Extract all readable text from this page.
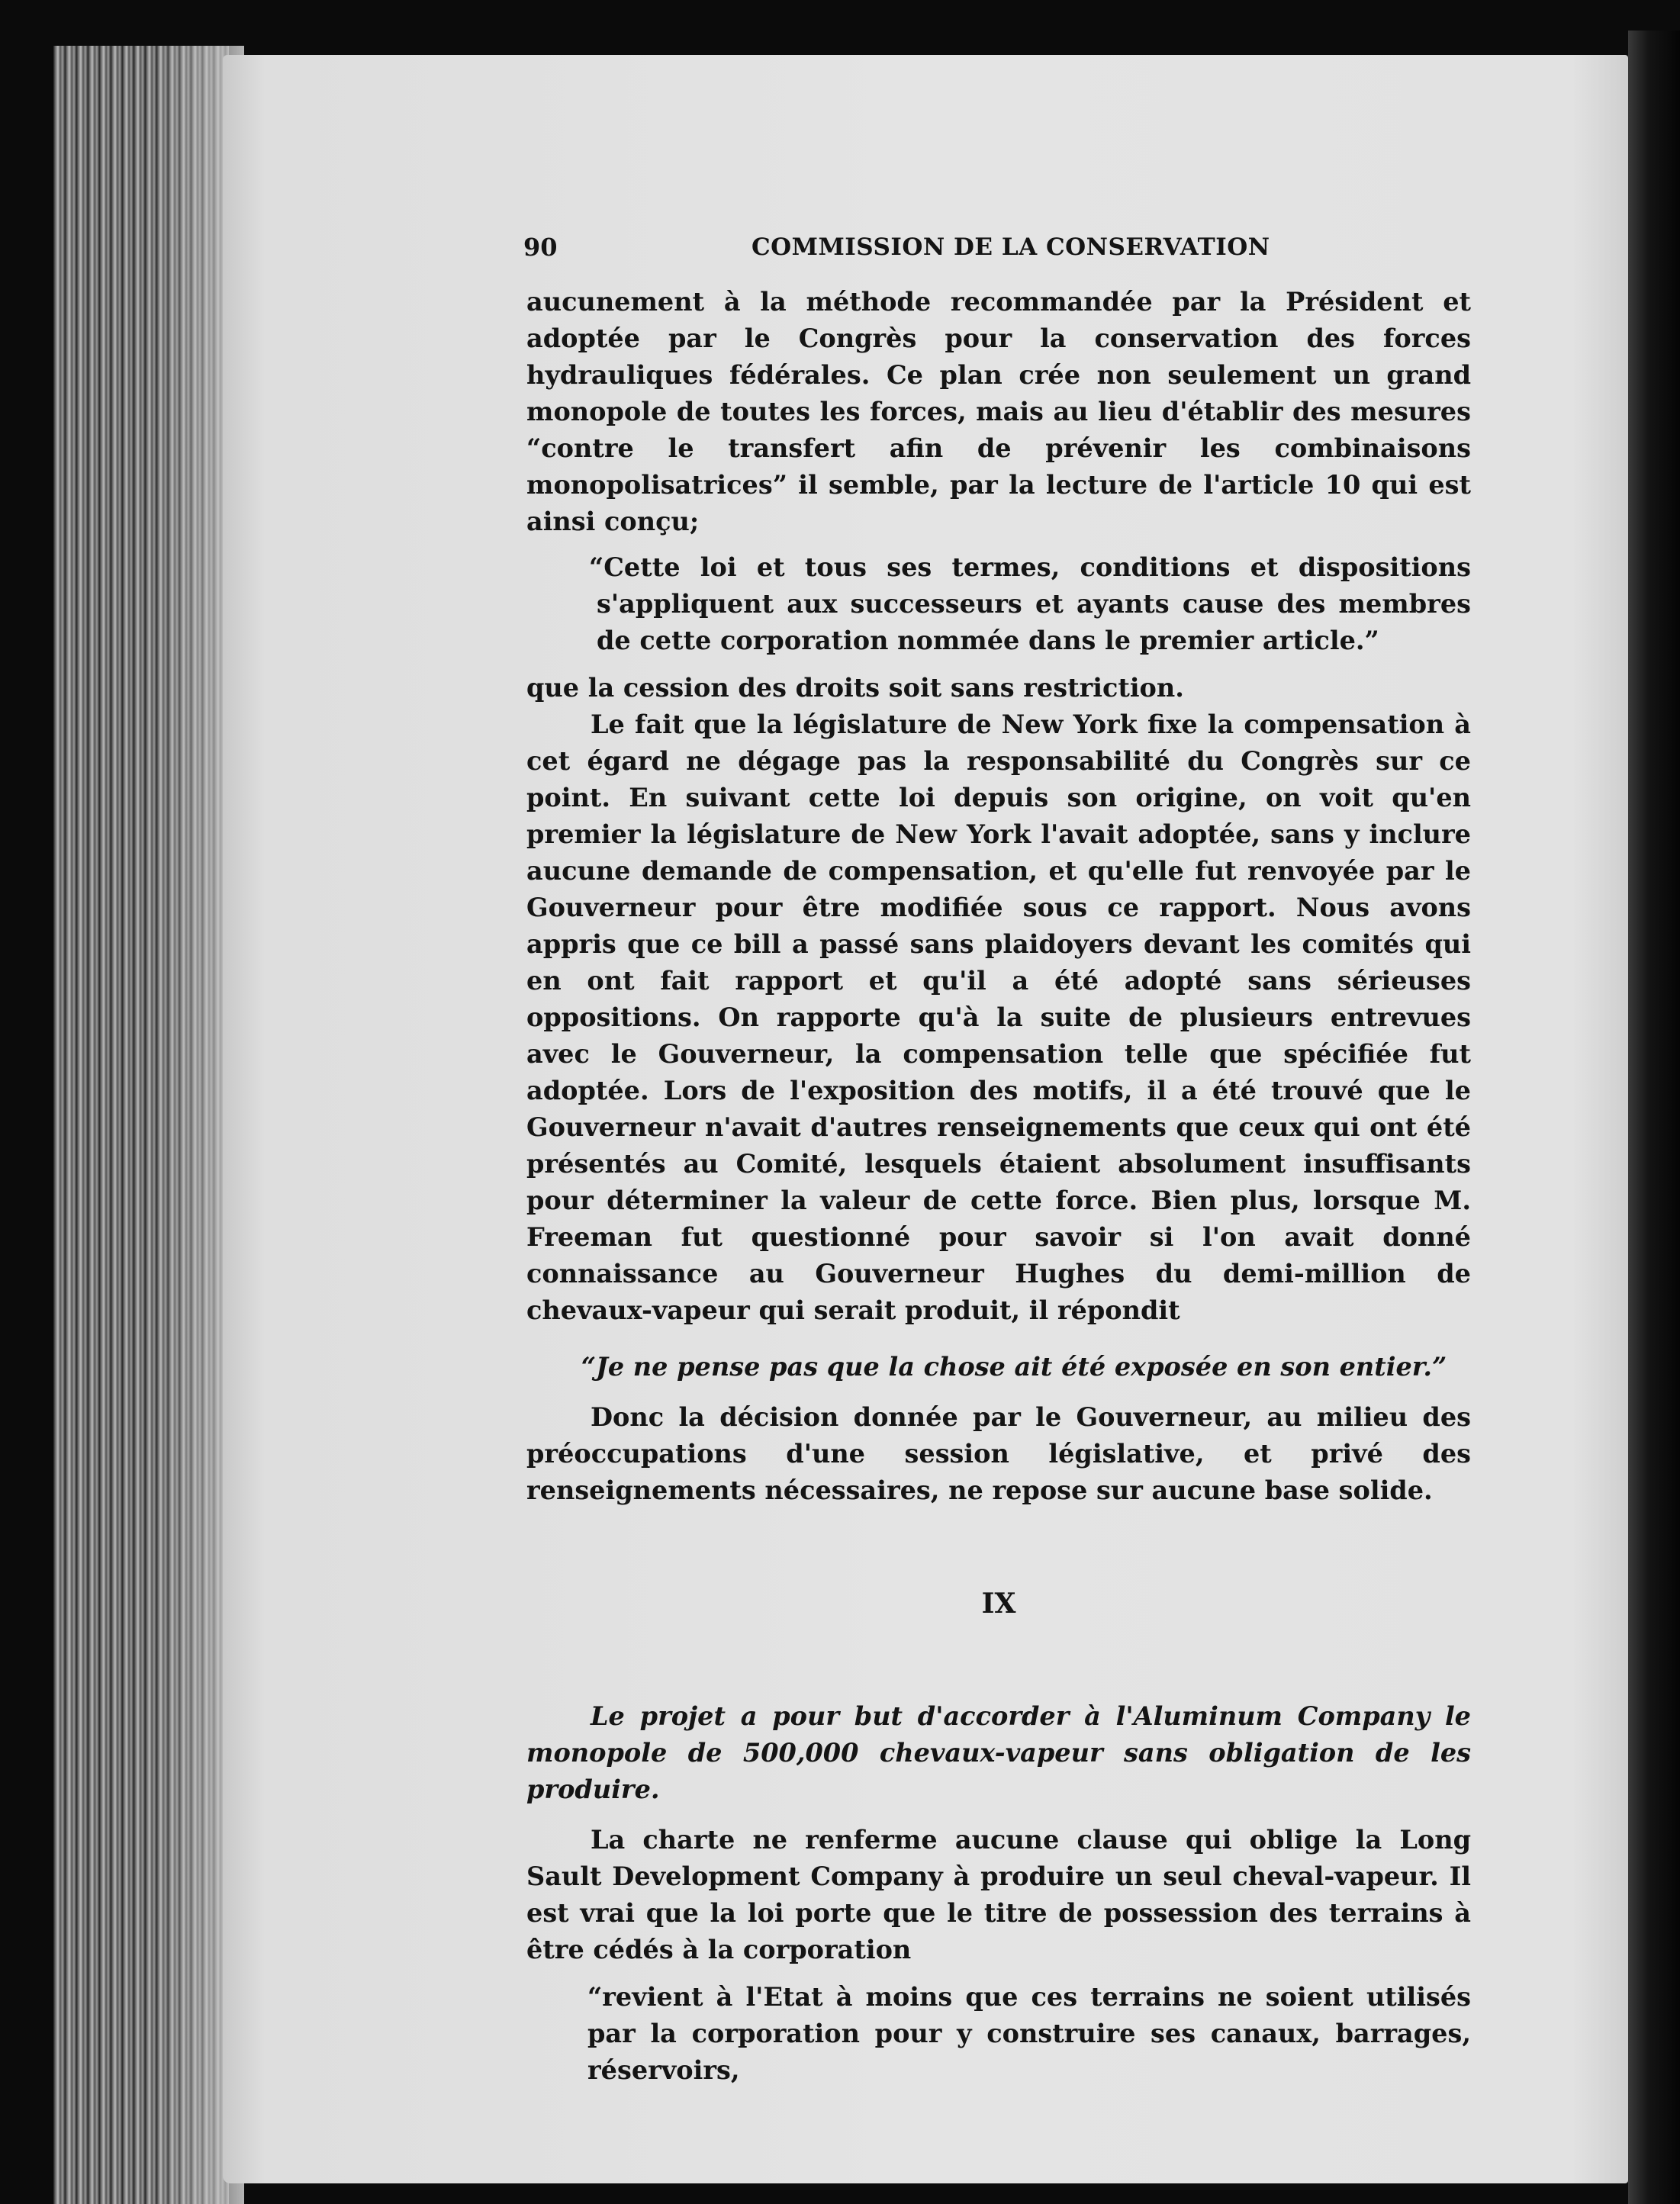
90	COMMISSION DE LA CONSERVATION

aucunement à la méthode recommandée par la Président et adoptée par le Congrès pour la conservation des forces hydrauliques fédérales. Ce plan crée non seulement un grand monopole de toutes les forces, mais au lieu d'établir des mesures “contre le transfert afin de prévenir les combinaisons monopolisatrices” il semble, par la lecture de l'article 10 qui est ainsi conçu;

“Cette loi et tous ses termes, conditions et dispositions s'appliquent aux successeurs et ayants cause des membres de cette corporation nommée dans le premier article.”

que la cession des droits soit sans restriction.

Le fait que la législature de New York fixe la compensation à cet égard ne dégage pas la responsabilité du Congrès sur ce point. En suivant cette loi depuis son origine, on voit qu'en premier la législature de New York l'avait adoptée, sans y inclure aucune demande de compensation, et qu'elle fut renvoyée par le Gouverneur pour être modifiée sous ce rapport. Nous avons appris que ce bill a passé sans plaidoyers devant les comités qui en ont fait rapport et qu'il a été adopté sans sérieuses oppositions. On rapporte qu'à la suite de plusieurs entrevues avec le Gouverneur, la compensation telle que spécifiée fut adoptée. Lors de l'exposition des motifs, il a été trouvé que le Gouverneur n'avait d'autres renseignements que ceux qui ont été présentés au Comité, lesquels étaient absolument insuffisants pour déterminer la valeur de cette force. Bien plus, lorsque M. Freeman fut questionné pour savoir si l'on avait donné connaissance au Gouverneur Hughes du demi-million de chevaux-vapeur qui serait produit, il répondit

“Je ne pense pas que la chose ait été exposée en son entier.”

Donc la décision donnée par le Gouverneur, au milieu des préoccupations d'une session législative, et privé des renseignements nécessaires, ne repose sur aucune base solide.

IX

Le projet a pour but d'accorder à l'Aluminum Company le monopole de 500,000 chevaux-vapeur sans obligation de les produire.

La charte ne renferme aucune clause qui oblige la Long Sault Development Company à produire un seul cheval-vapeur. Il est vrai que la loi porte que le titre de possession des terrains à être cédés à la corporation

“revient à l'Etat à moins que ces terrains ne soient utilisés par la corporation pour y construire ses canaux, barrages, réservoirs,
